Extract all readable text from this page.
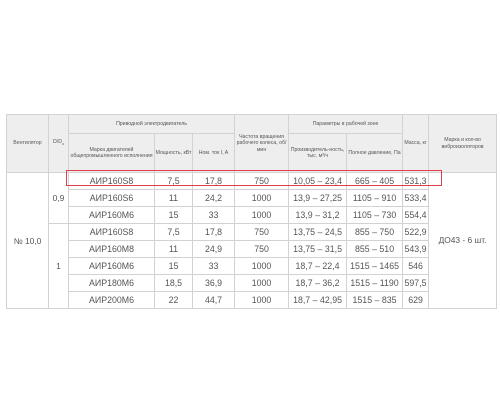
Вентилятор	$D/D_o$	Приводной электродвигатель			Частота вращения рабочего колеса, об/мин	Параметры в рабочей зоне		Масса, кг	Марка и кол-во виброизоляторов
		Марка двигателей общепромышленного исполнения	Мощность, кВт	Ном. ток I, A		Производитель-ность, тыс. м³/ч	Полное давление, Па		
№ 10,0	0,9	АИР160S8	7,5	17,8	750	10,05 – 23,4	665 – 405	531,3	ДО43 - 6 шт.
		АИР160S6	11	24,2	1000	13,9 – 27,25	1105 – 910	533,4	
		АИР160М6	15	33	1000	13,9 – 31,2	1105 – 730	554,4	
	1	АИР160S8	7,5	17,8	750	13,75 – 24,5	855 – 750	522,9	
		АИР160М8	11	24,9	750	13,75 – 31,5	855 – 510	543,9	
		АИР160М6	15	33	1000	18,7 – 22,4	1515 – 1465	546	
		АИР180М6	18,5	36,9	1000	18,7 – 36,2	1515 – 1190	597,5	
		АИР200М6	22	44,7	1000	18,7 – 42,95	1515 – 835	629	
